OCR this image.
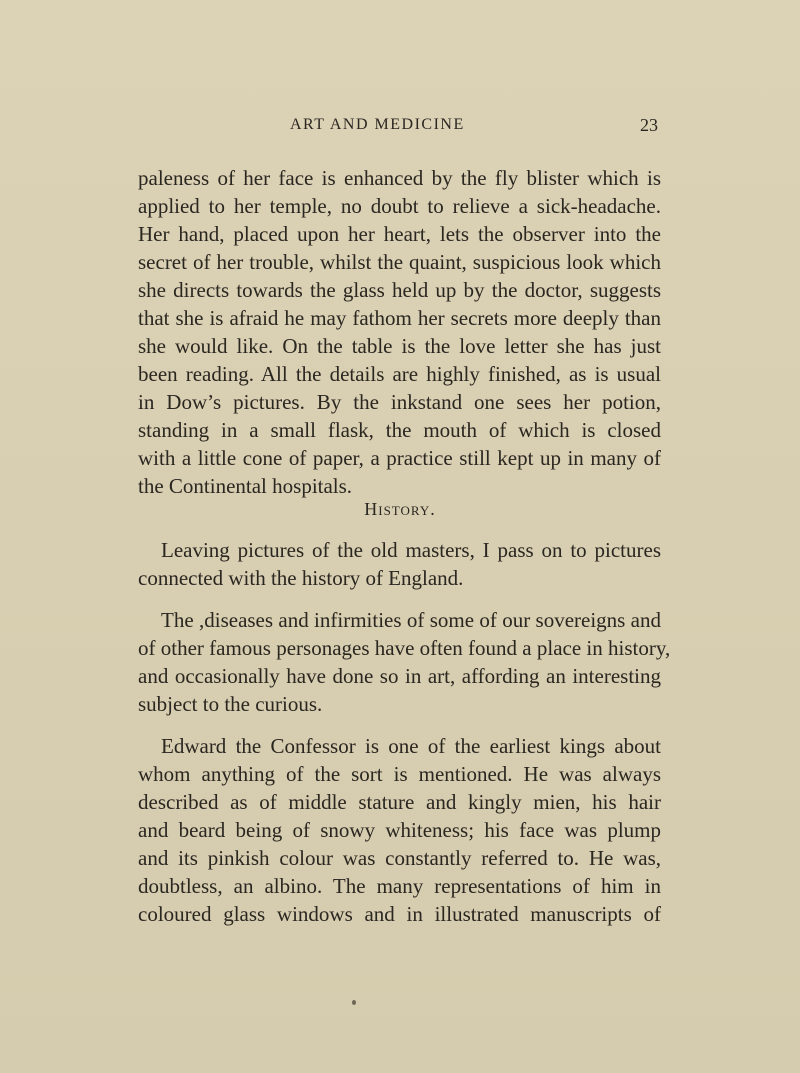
ART AND MEDICINE	23
paleness of her face is enhanced by the fly blister which is
applied to her temple, no doubt to relieve a sick-headache.
Her hand, placed upon her heart, lets the observer into the
secret of her trouble, whilst the quaint, suspicious look which
she directs towards the glass held up by the doctor, suggests
that she is afraid he may fathom her secrets more deeply than
she would like. On the table is the love letter she has just
been reading. All the details are highly finished, as is usual
in Dow’s pictures. By the inkstand one sees her potion,
standing in a small flask, the mouth of which is closed
with a little cone of paper, a practice still kept up in many of
the Continental hospitals.
History.
Leaving pictures of the old masters, I pass on to pictures
connected with the history of England.
The ,diseases and infirmities of some of our sovereigns and
of other famous personages have often found a place in history,
and occasionally have done so in art, affording an interesting
subject to the curious.
Edward the Confessor is one of the earliest kings about
whom anything of the sort is mentioned. He was always
described as of middle stature and kingly mien, his hair
and beard being of snowy whiteness; his face was plump
and its pinkish colour was constantly referred to. He was,
doubtless, an albino. The many representations of him in
coloured glass windows and in illustrated manuscripts of
